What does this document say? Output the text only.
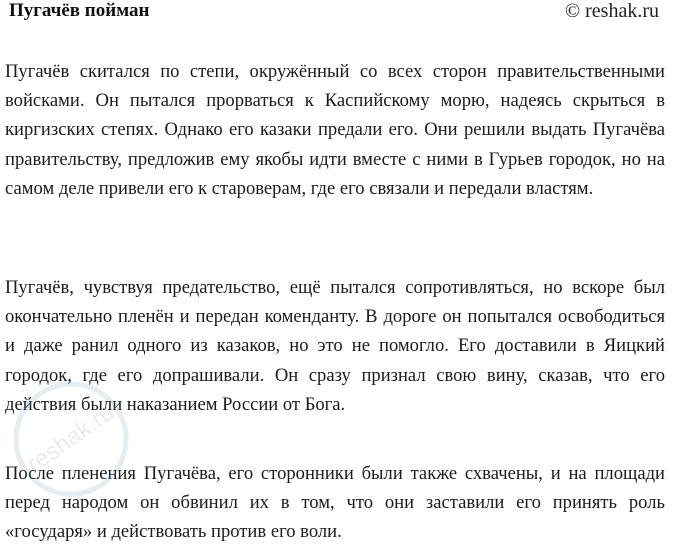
Пугачёв пойман	© reshak.ru

Пугачёв скитался по степи, окружённый со всех сторон правительственными войсками. Он пытался прорваться к Каспийскому морю, надеясь скрыться в киргизских степях. Однако его казаки предали его. Они решили выдать Пугачёва правительству, предложив ему якобы идти вместе с ними в Гурьев городок, но на самом деле привели его к староверам, где его связали и передали властям.

Пугачёв, чувствуя предательство, ещё пытался сопротивляться, но вскоре был окончательно пленён и передан коменданту. В дороге он попытался освободиться и даже ранил одного из казаков, но это не помогло. Его доставили в Яицкий городок, где его допрашивали. Он сразу признал свою вину, сказав, что его действия были наказанием России от Бога.

После пленения Пугачёва, его сторонники были также схвачены, и на площади перед народом он обвинил их в том, что они заставили его принять роль «государя» и действовать против его воли.

reshak.ru
